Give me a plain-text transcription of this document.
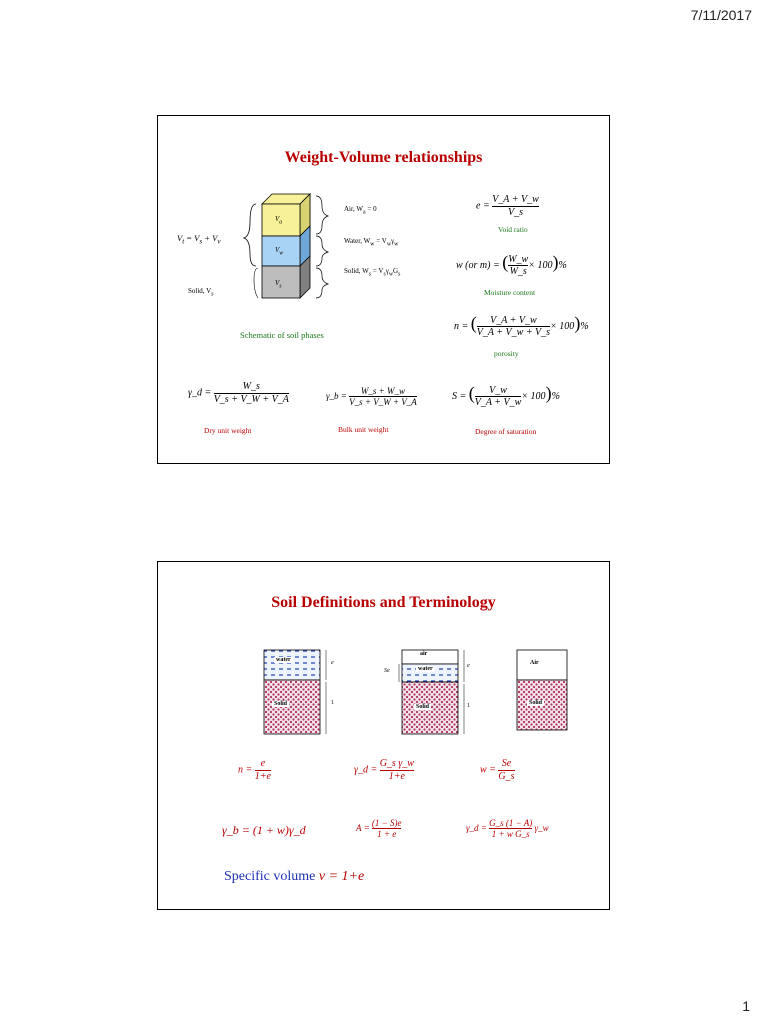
7/11/2017
1
Weight-Volume relationships
$V_a$
$V_w$
$V_s$
Air, $W_a = 0$
Water, $W_w = V_w\gamma_w$
Solid, $W_s = V_s\gamma_wG_s$
$V_t = V_s + V_v$
Solid, $V_s$
Schematic of soil phases
$e = \frac{V\_A + V\_w}{V\_s}$
Void ratio
w (or m) = ( $\frac{W\_w}{W\_s} \times 100)\%$
Moisture content
n = ( $\frac{V\_A + V\_w}{V\_A + V\_w + V\_s} \times 100)\%$
porosity
γ_d = $\frac{W\_s}{V\_s + V\_W + V\_A}$
Dry unit weight
γ_b = $\frac{W\_s + W\_w}{V\_s + V\_W + V\_A}$
Bulk unit weight
S = ( $\frac{V\_w}{V\_A + V\_w} \times 100)\%$
Degree of saturation
Soil Definitions and Terminology
water
Solid
e
1
air
water
Solid
Se
e
1
Air
Solid
$n = \frac{e}{1+e}$	γ_d = $\frac{\text{G\_s γ\_w}}{1+e}$	$w = \frac{Se}{G\_s}$
γ_b = (1 + w)γ_d	$A = \frac{(1 - S)e}{1 + e}$	γ_d = $\frac{G\_s (1 - A)}{\text{1 + w G\_s}}$ γ_w
Specific volume v = 1+e
